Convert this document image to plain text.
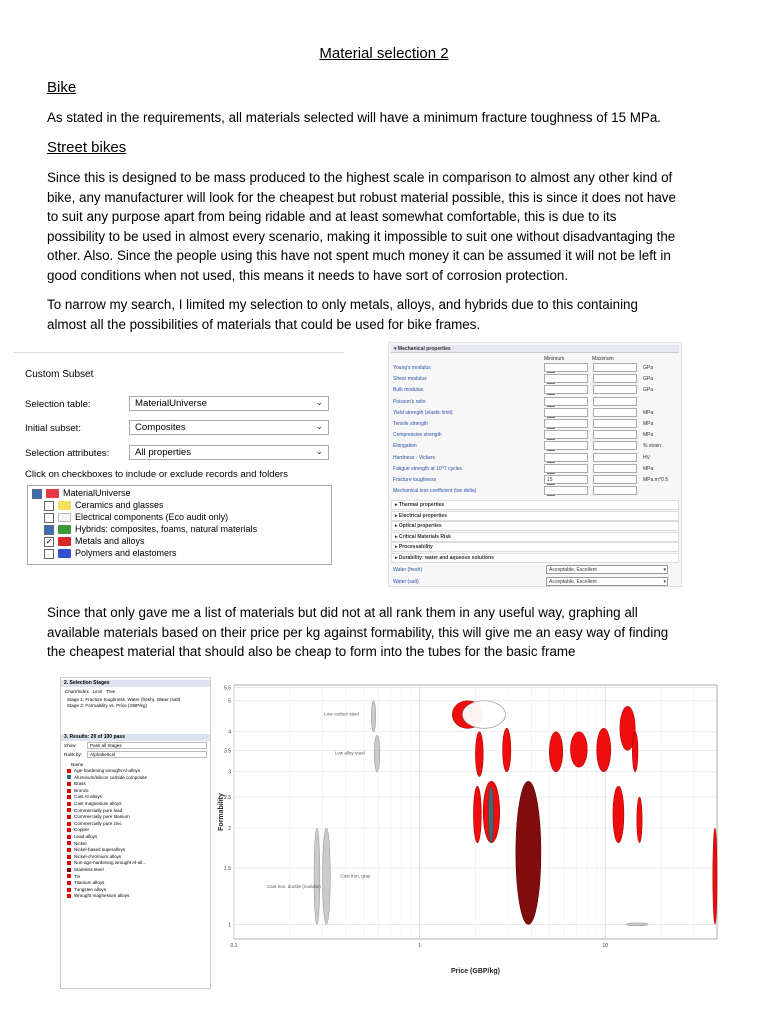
Material selection 2
Bike
As stated in the requirements, all materials selected will have a minimum fracture toughness of 15 MPa.
Street bikes
Since this is designed to be mass produced to the highest scale in comparison to almost any other kind of
bike, any manufacturer will look for the cheapest but robust material possible, this is since it does not have
to suit any purpose apart from being ridable and at least somewhat comfortable, this is due to its
possibility to be used in almost every scenario, making it impossible to suit one without disadvantaging the
other. Also. Since the people using this have not spent much money it can be assumed it will not be left in
good conditions when not used, this means it needs to have sort of corrosion protection.
To narrow my search, I limited my selection to only metals, alloys, and hybrids due to this containing
almost all the possibilities of materials that could be used for bike frames.
Custom Subset
Selection table:	MaterialUniverse	⌄
Initial subset:	Composites	⌄
Selection attributes:	All properties	⌄
Click on checkboxes to include or exclude records and folders
MaterialUniverse
Ceramics and glasses
Electrical components (Eco audit only)
Hybrids: composites, foams, natural materials
✓	Metals and alloys
Polymers and elastomers
▾ Mechanical properties
Minimum	Maximum
Young's modulus	GPa
Shear modulus	GPa
Bulk modulus	GPa
Poisson's ratio
Yield strength (elastic limit)	MPa
Tensile strength	MPa
Compressive strength	MPa
Elongation	% strain
Hardness - Vickers	HV
Fatigue strength at 10^7 cycles	MPa
Fracture toughness	15	MPa.m^0.5
Mechanical loss coefficient (tan delta)
▸ Thermal properties
▸ Electrical properties
▸ Optical properties
▸ Critical Materials Risk
▸ Processability
▸ Durability: water and aqueous solutions
Water (fresh)	Acceptable, Excellent	▾
Water (salt)	Acceptable, Excellent	▾
Since that only gave me a list of materials but did not at all rank them in any useful way, graphing all
available materials based on their price per kg against formability, this will give me an easy way of finding
the cheapest material that should also be cheap to form into the tubes for the basic frame
2. Selection Stages
Chart/Index Limit Tree
Stage 1: Fracture toughness, Water (fresh), Water (salt)
Stage 2: Formability vs. Price (GBP/kg)
3. Results: 20 of 100 pass
Show:	Pass all Stages
Rank by:	Alphabetical
Name
Age-hardening wrought Al-alloys
Aluminum/silicon carbide composite
Brass
Bronze
Cast Al-alloys
Cast magnesium alloys
Commercially pure lead
Commercially pure titanium
Commercially pure zinc
Copper
Lead alloys
Nickel
Nickel-based superalloys
Nickel-chromium alloys
Non-age-hardening wrought Al-all...
Stainless steel
Tin
Titanium alloys
Tungsten alloys
Wrought magnesium alloys
1
1.5
2
2.5
3
3.5
4
5
5.5
0.1	1	10
Price (GBP/kg)
Formability
Low carbon steel
Low alloy steel
Cast iron, ductile (nodular)
Cast iron, gray
